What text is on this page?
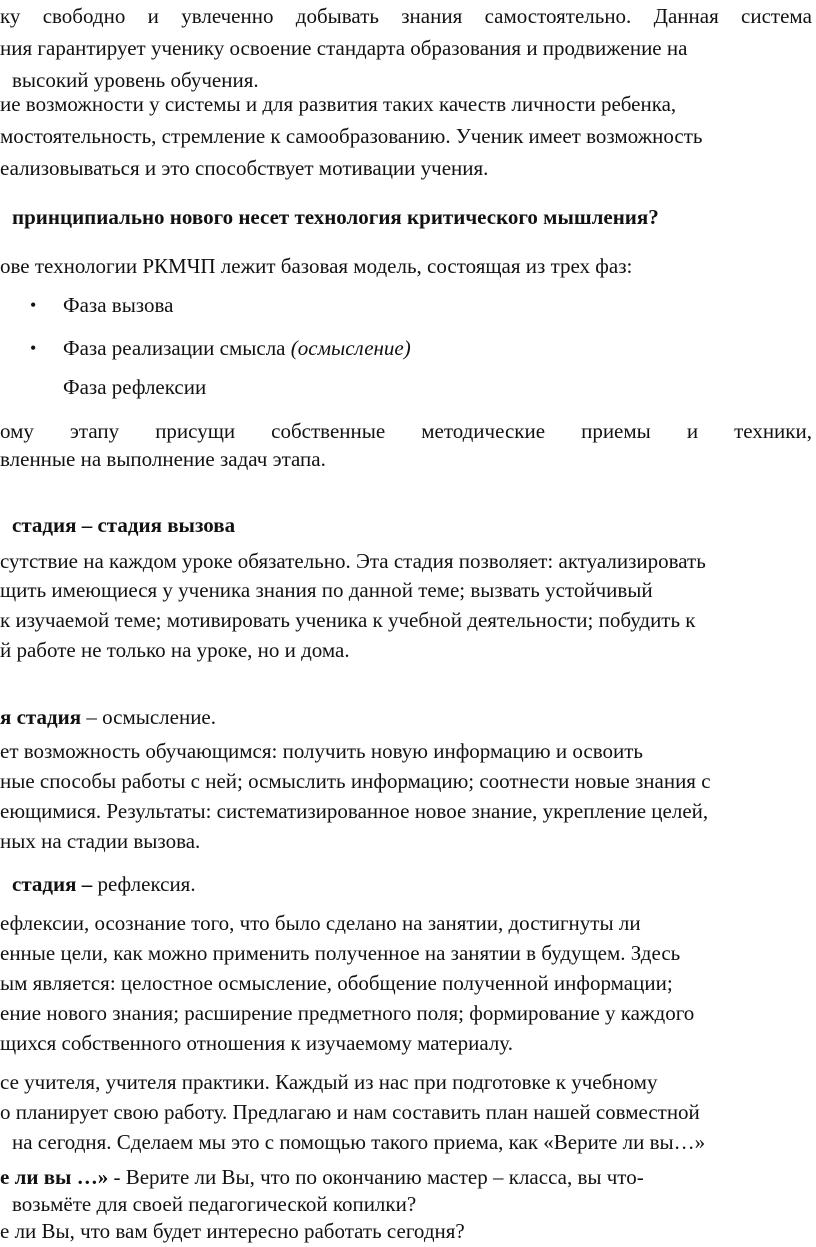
ку свободно и увлеченно добывать знания самостоятельно. Данная система
ния гарантирует ученику освоение стандарта образования и продвижение на
высокий уровень обучения.
ие возможности у системы и для развития таких качеств личности ребенка,
мостоятельность, стремление к самообразованию. Ученик имеет возможность
еализовываться и это способствует мотивации учения.
принципиально нового несет технология критического мышления?
ове технологии РКМЧП лежит базовая модель, состоящая из трех фаз:
• Фаза вызова
• Фаза реализации смысла (осмысление)
Фаза рефлексии
ому этапу присущи собственные методические приемы и техники,
вленные на выполнение задач этапа.
стадия – стадия вызова
сутствие на каждом уроке обязательно. Эта стадия позволяет: актуализировать
щить имеющиеся у ученика знания по данной теме; вызвать устойчивый
к изучаемой теме; мотивировать ученика к учебной деятельности; побудить к
й работе не только на уроке, но и дома.
я стадия – осмысление.
ет возможность обучающимся: получить новую информацию и освоить
ные способы работы с ней; осмыслить информацию; соотнести новые знания с
еющимися. Результаты: систематизированное новое знание, укрепление целей,
ных на стадии вызова.
стадия – рефлексия.
ефлексии, осознание того, что было сделано на занятии, достигнуты ли
енные цели, как можно применить полученное на занятии в будущем. Здесь
ым является: целостное осмысление, обобщение полученной информации;
ение нового знания; расширение предметного поля; формирование у каждого
щихся собственного отношения к изучаемому материалу.
се учителя, учителя практики. Каждый из нас при подготовке к учебному
о планирует свою работу. Предлагаю и нам составить план нашей совместной
на сегодня. Сделаем мы это с помощью такого приема, как «Верите ли вы…»
е ли вы …» - Верите ли Вы, что по окончанию мастер – класса, вы что-
возьмёте для своей педагогической копилки?
е ли Вы, что вам будет интересно работать сегодня?
